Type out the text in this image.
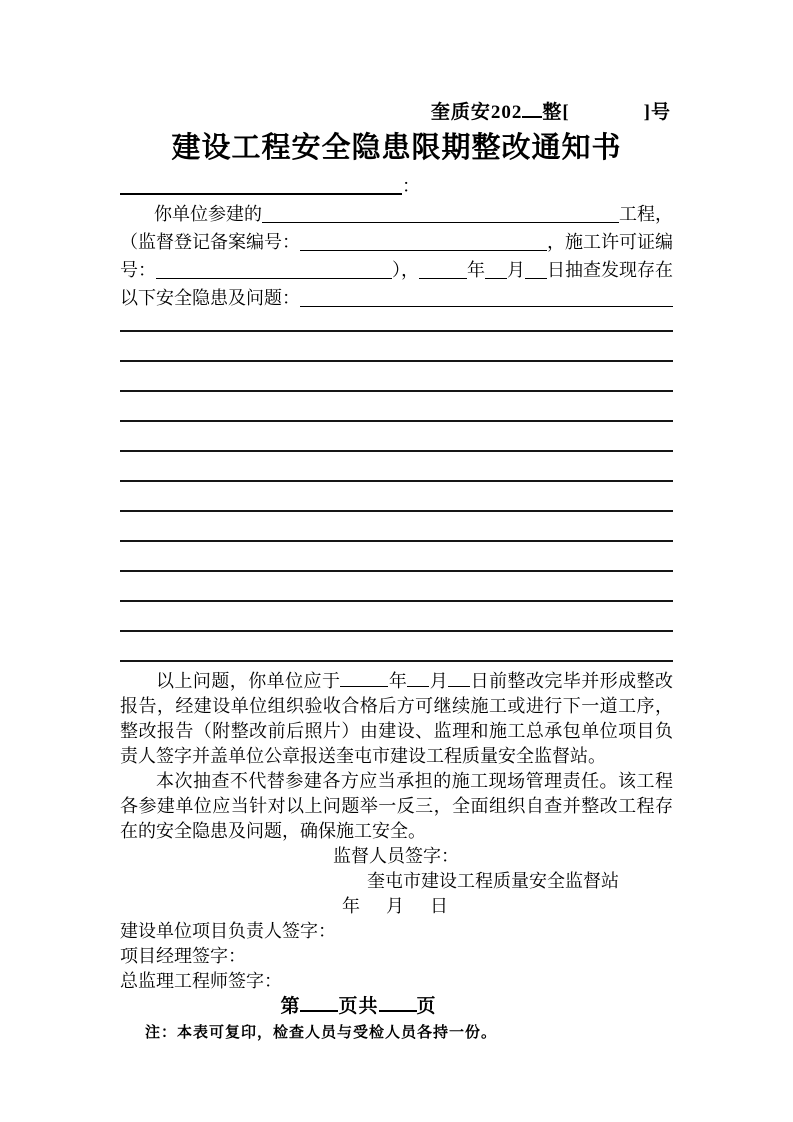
奎质安202 整[	]号
建设工程安全隐患限期整改通知书
：
你单位参建的	工程，
（监督登记备案编号：	，施工许可证编
号：	），	年 月 日抽查发现存在
以下安全隐患及问题：
以上问题，你单位应于	年 月 日前整改完毕并形成整改报告，经建设单位组织验收合格后方可继续施工或进行下一道工序，整改报告（附整改前后照片）由建设、监理和施工总承包单位项目负责人签字并盖单位公章报送奎屯市建设工程质量安全监督站。
本次抽查不代替参建各方应当承担的施工现场管理责任。该工程各参建单位应当针对以上问题举一反三，全面组织自查并整改工程存在的安全隐患及问题，确保施工安全。
监督人员签字：
奎屯市建设工程质量安全监督站
年　月　日
建设单位项目负责人签字：
项目经理签字：
总监理工程师签字：
第 页共 页
注：本表可复印，检查人员与受检人员各持一份。
